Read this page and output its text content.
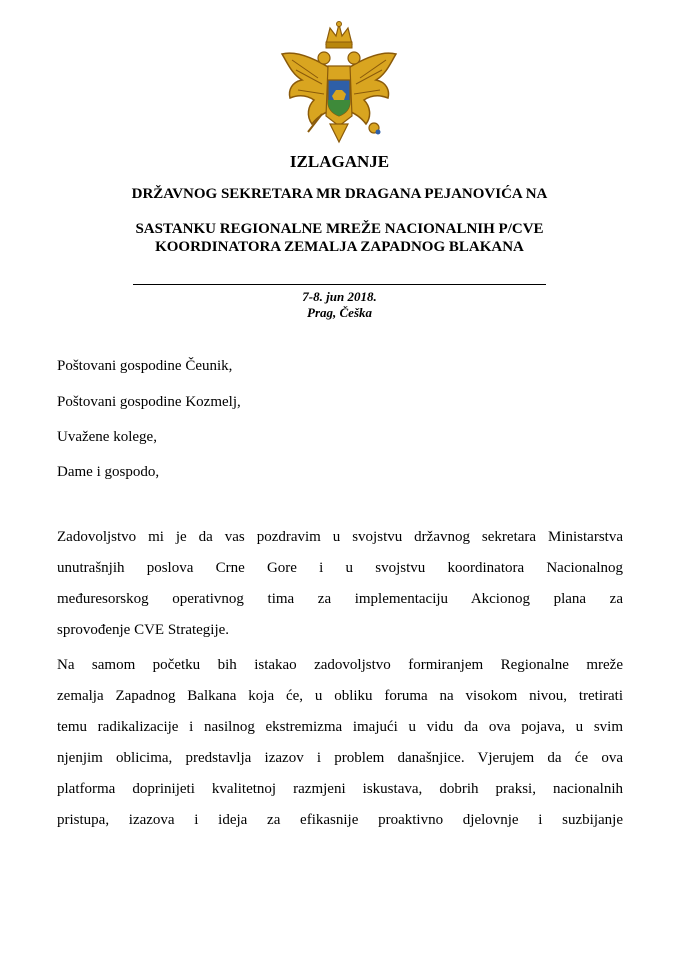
IZLAGANJE
DRŽAVNOG SEKRETARA MR DRAGANA PEJANOVIĆA NA
SASTANKU REGIONALNE MREŽE NACIONALNIH P/CVE
KOORDINATORA ZEMALJA ZAPADNOG BLAKANA
7-8. jun 2018.
Prag, Češka

Poštovani gospodine Čeunik,

Poštovani gospodine Kozmelj,

Uvažene kolege,

Dame i gospodo,

Zadovoljstvo mi je da vas pozdravim u svojstvu državnog sekretara Ministarstva
unutrašnjih poslova Crne Gore i u svojstvu koordinatora Nacionalnog
međuresorskog operativnog tima za implementaciju Akcionog plana za
sprovođenje CVE Strategije.

Na samom početku bih istakao zadovoljstvo formiranjem Regionalne mreže
zemalja Zapadnog Balkana koja će, u obliku foruma na visokom nivou, tretirati
temu radikalizacije i nasilnog ekstremizma imajući u vidu da ova pojava, u svim
njenjim oblicima, predstavlja izazov i problem današnjice. Vjerujem da će ova
platforma doprinijeti kvalitetnoj razmjeni iskustava, dobrih praksi, nacionalnih
pristupa, izazova i ideja za efikasnije proaktivno djelovnje i suzbijanje
